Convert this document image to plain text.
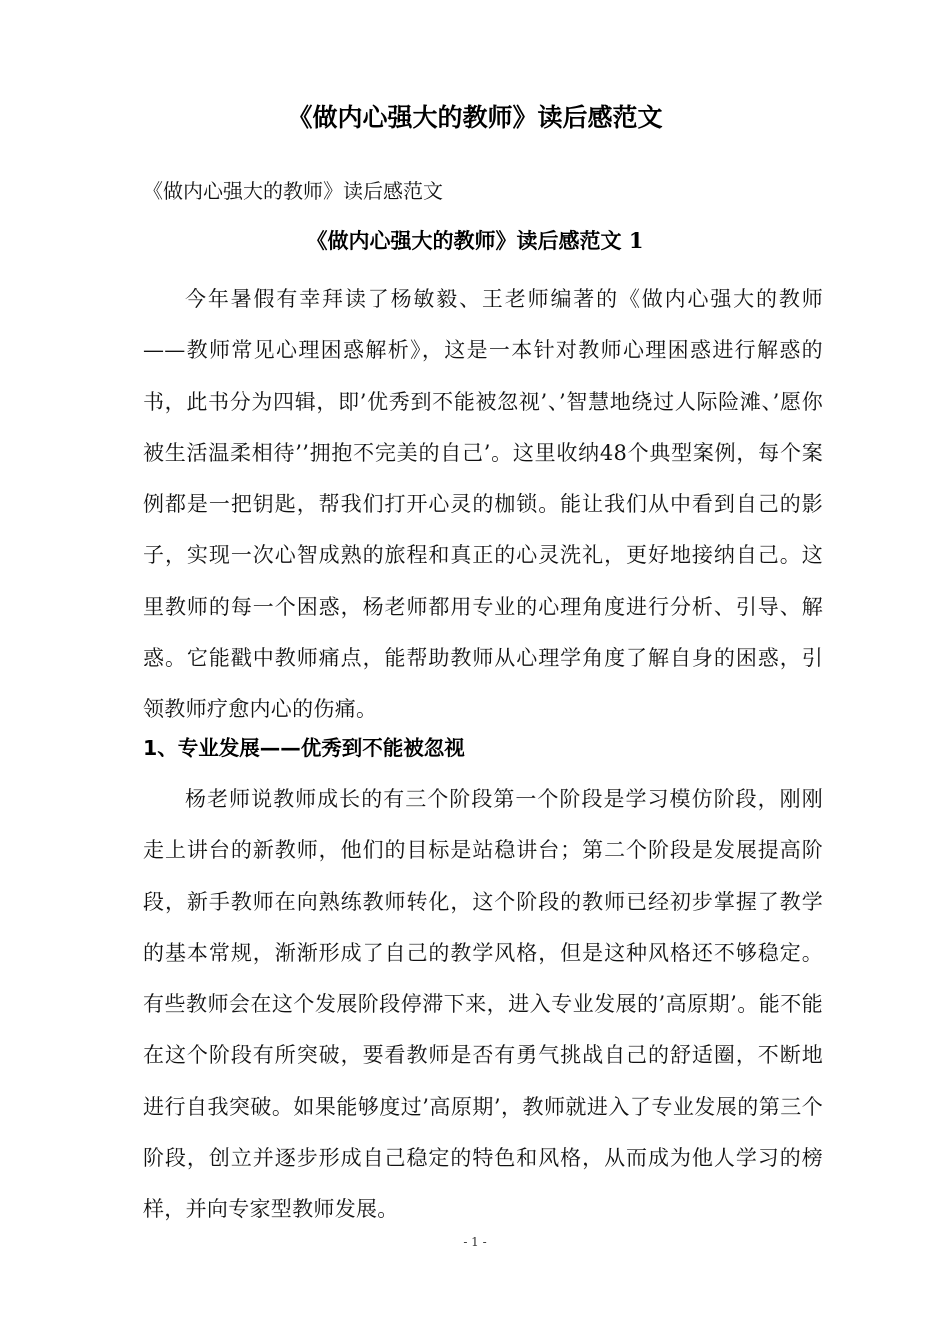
《做内心强大的教师》读后感范文
《做内心强大的教师》读后感范文
《做内心强大的教师》读后感范文 1

今年暑假有幸拜读了杨敏毅、王老师编著的《做内心强大的教师——教师常见心理困惑解析》，这是一本针对教师心理困惑进行解惑的书，此书分为四辑，即’优秀到不能被忽视’、’智慧地绕过人际险滩、’愿你被生活温柔相待’’拥抱不完美的自己’。这里收纳48个典型案例，每个案例都是一把钥匙，帮我们打开心灵的枷锁。能让我们从中看到自己的影子，实现一次心智成熟的旅程和真正的心灵洗礼，更好地接纳自己。这里教师的每一个困惑，杨老师都用专业的心理角度进行分析、引导、解惑。它能戳中教师痛点，能帮助教师从心理学角度了解自身的困惑，引领教师疗愈内心的伤痛。

1、专业发展——优秀到不能被忽视

杨老师说教师成长的有三个阶段第一个阶段是学习模仿阶段，刚刚走上讲台的新教师，他们的目标是站稳讲台；第二个阶段是发展提高阶段，新手教师在向熟练教师转化，这个阶段的教师已经初步掌握了教学的基本常规，渐渐形成了自己的教学风格，但是这种风格还不够稳定。有些教师会在这个发展阶段停滞下来，进入专业发展的’高原期’。能不能在这个阶段有所突破，要看教师是否有勇气挑战自己的舒适圈，不断地进行自我突破。如果能够度过’高原期’，教师就进入了专业发展的第三个阶段，创立并逐步形成自己稳定的特色和风格，从而成为他人学习的榜样，并向专家型教师发展。

- 1 -
